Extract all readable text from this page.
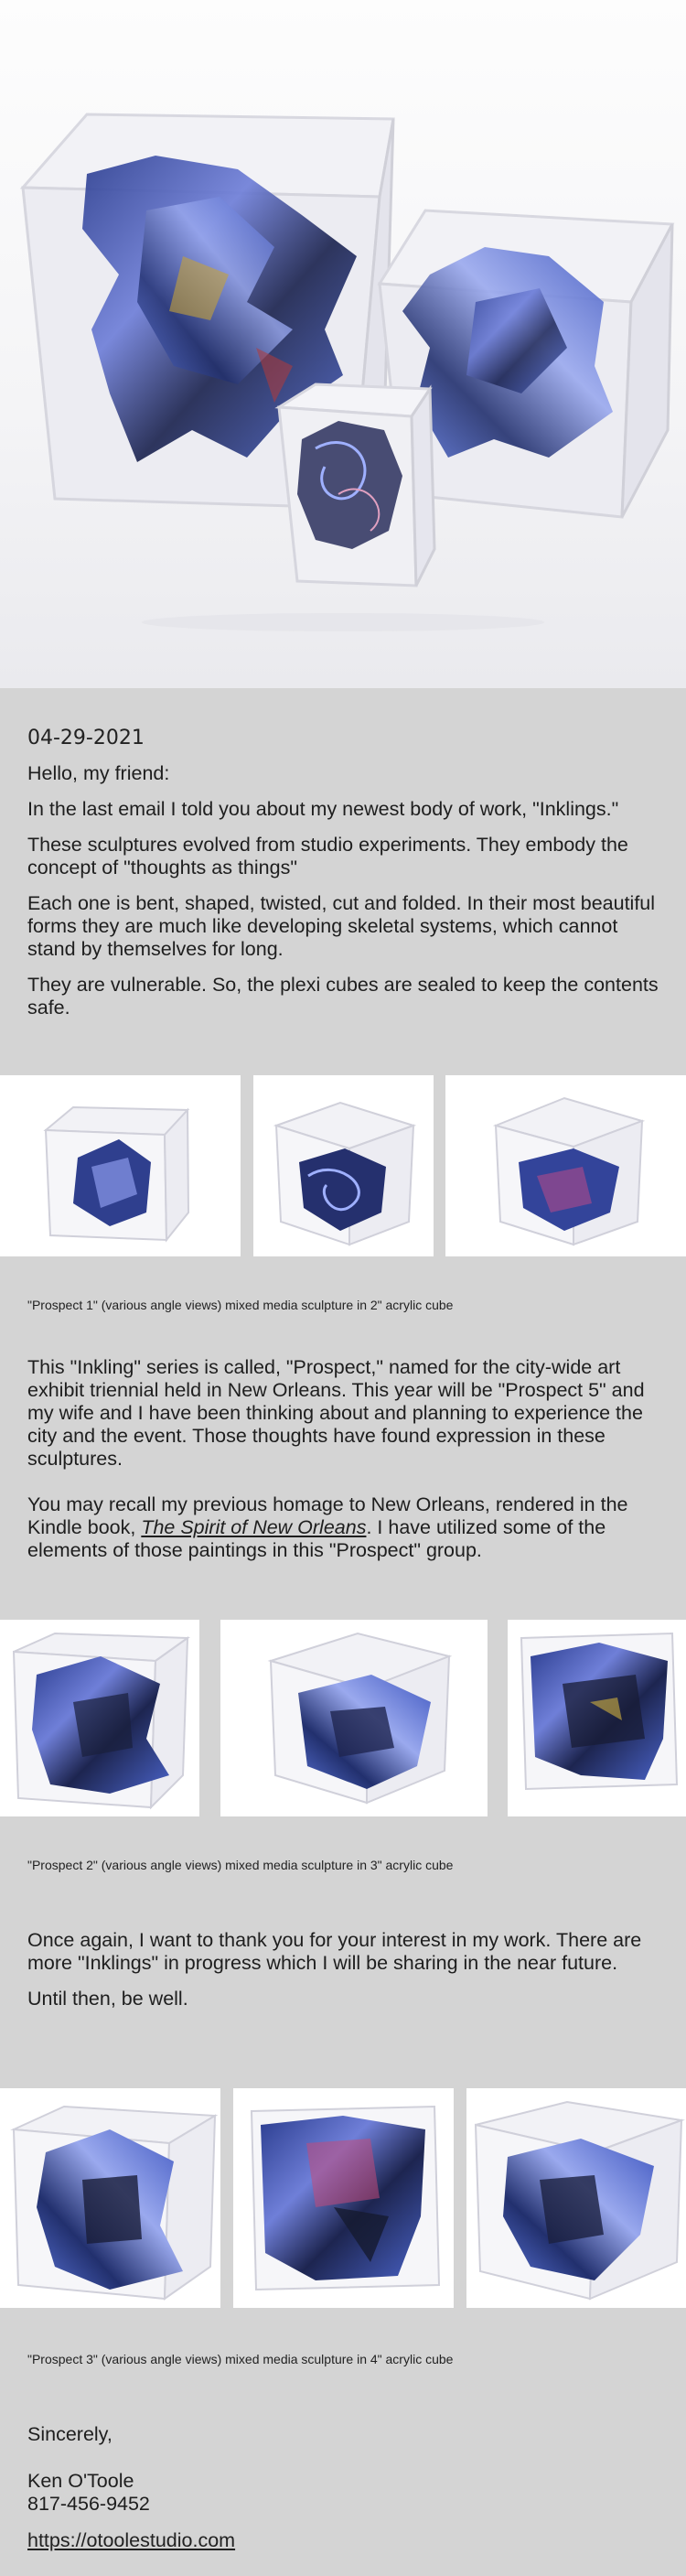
04-29-2021

Hello, my friend:

In the last email I told you about my newest body of work, "Inklings."

These sculptures evolved from studio experiments. They embody the concept of "thoughts as things"

Each one is bent, shaped, twisted, cut and folded. In their most beautiful forms they are much like developing skeletal systems, which cannot stand by themselves for long.

They are vulnerable. So, the plexi cubes are sealed to keep the contents safe.

"Prospect 1" (various angle views) mixed media sculpture in 2" acrylic cube

This "Inkling" series is called, "Prospect," named for the city-wide art exhibit triennial held in New Orleans. This year will be "Prospect 5" and my wife and I have been thinking about and planning to experience the city and the event. Those thoughts have found expression in these sculptures.

You may recall my previous homage to New Orleans, rendered in the Kindle book, The Spirit of New Orleans. I have utilized some of the elements of those paintings in this "Prospect" group.

"Prospect 2" (various angle views) mixed media sculpture in 3" acrylic cube

Once again, I want to thank you for your interest in my work. There are more "Inklings" in progress which I will be sharing in the near future.

Until then, be well.

"Prospect 3" (various angle views) mixed media sculpture in 4" acrylic cube

Sincerely,

Ken O'Toole

817-456-9452

https://otoolestudio.com
